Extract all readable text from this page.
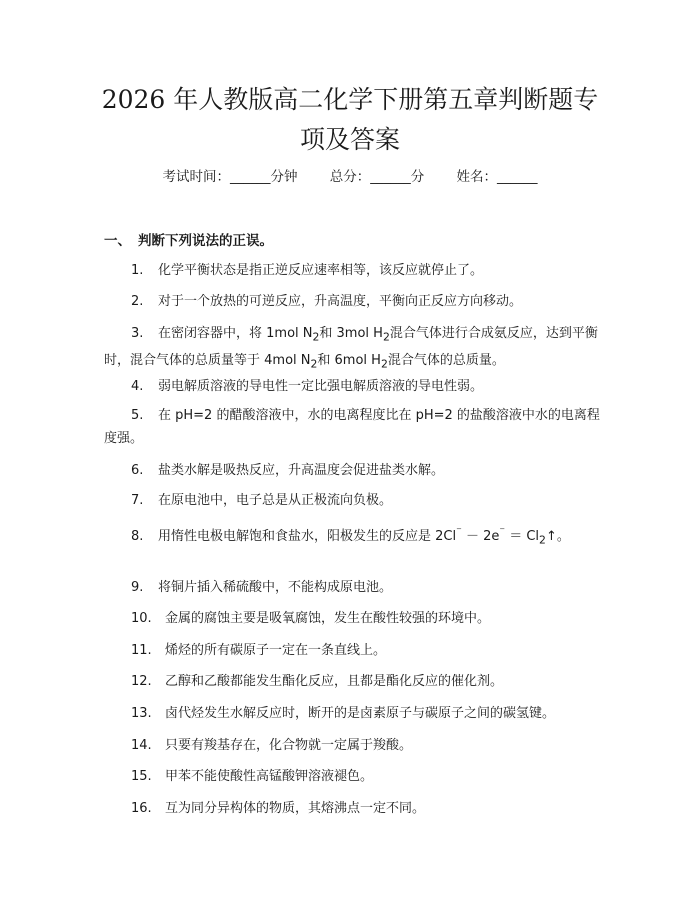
2026 年人教版高二化学下册第五章判断题专
项及答案
考试时间：______分钟 总分：______分 姓名：______
一、 判断下列说法的正误。
1. 化学平衡状态是指正逆反应速率相等，该反应就停止了。
2. 对于一个放热的可逆反应，升高温度，平衡向正反应方向移动。
3. 在密闭容器中，将 1mol $N_2$和 3mol $H_2$混合气体进行合成氨反应，达到平衡时，混合气体的总质量等于 4mol $N_2$和 6mol $H_2$混合气体的总质量。
4. 弱电解质溶液的导电性一定比强电解质溶液的导电性弱。
5. 在 pH=2 的醋酸溶液中，水的电离程度比在 pH=2 的盐酸溶液中水的电离程度强。
6. 盐类水解是吸热反应，升高温度会促进盐类水解。
7. 在原电池中，电子总是从正极流向负极。
8. 用惰性电极电解饱和食盐水，阳极发生的反应是 $2Cl^{^-} - 2e^{^-} = Cl_2↑$。
9. 将铜片插入稀硫酸中，不能构成原电池。
10. 金属的腐蚀主要是吸氧腐蚀，发生在酸性较强的环境中。
11. 烯烃的所有碳原子一定在一条直线上。
12. 乙醇和乙酸都能发生酯化反应，且都是酯化反应的催化剂。
13. 卤代烃发生水解反应时，断开的是卤素原子与碳原子之间的碳氢键。
14. 只要有羧基存在，化合物就一定属于羧酸。
15. 甲苯不能使酸性高锰酸钾溶液褪色。
16. 互为同分异构体的物质，其熔沸点一定不同。
